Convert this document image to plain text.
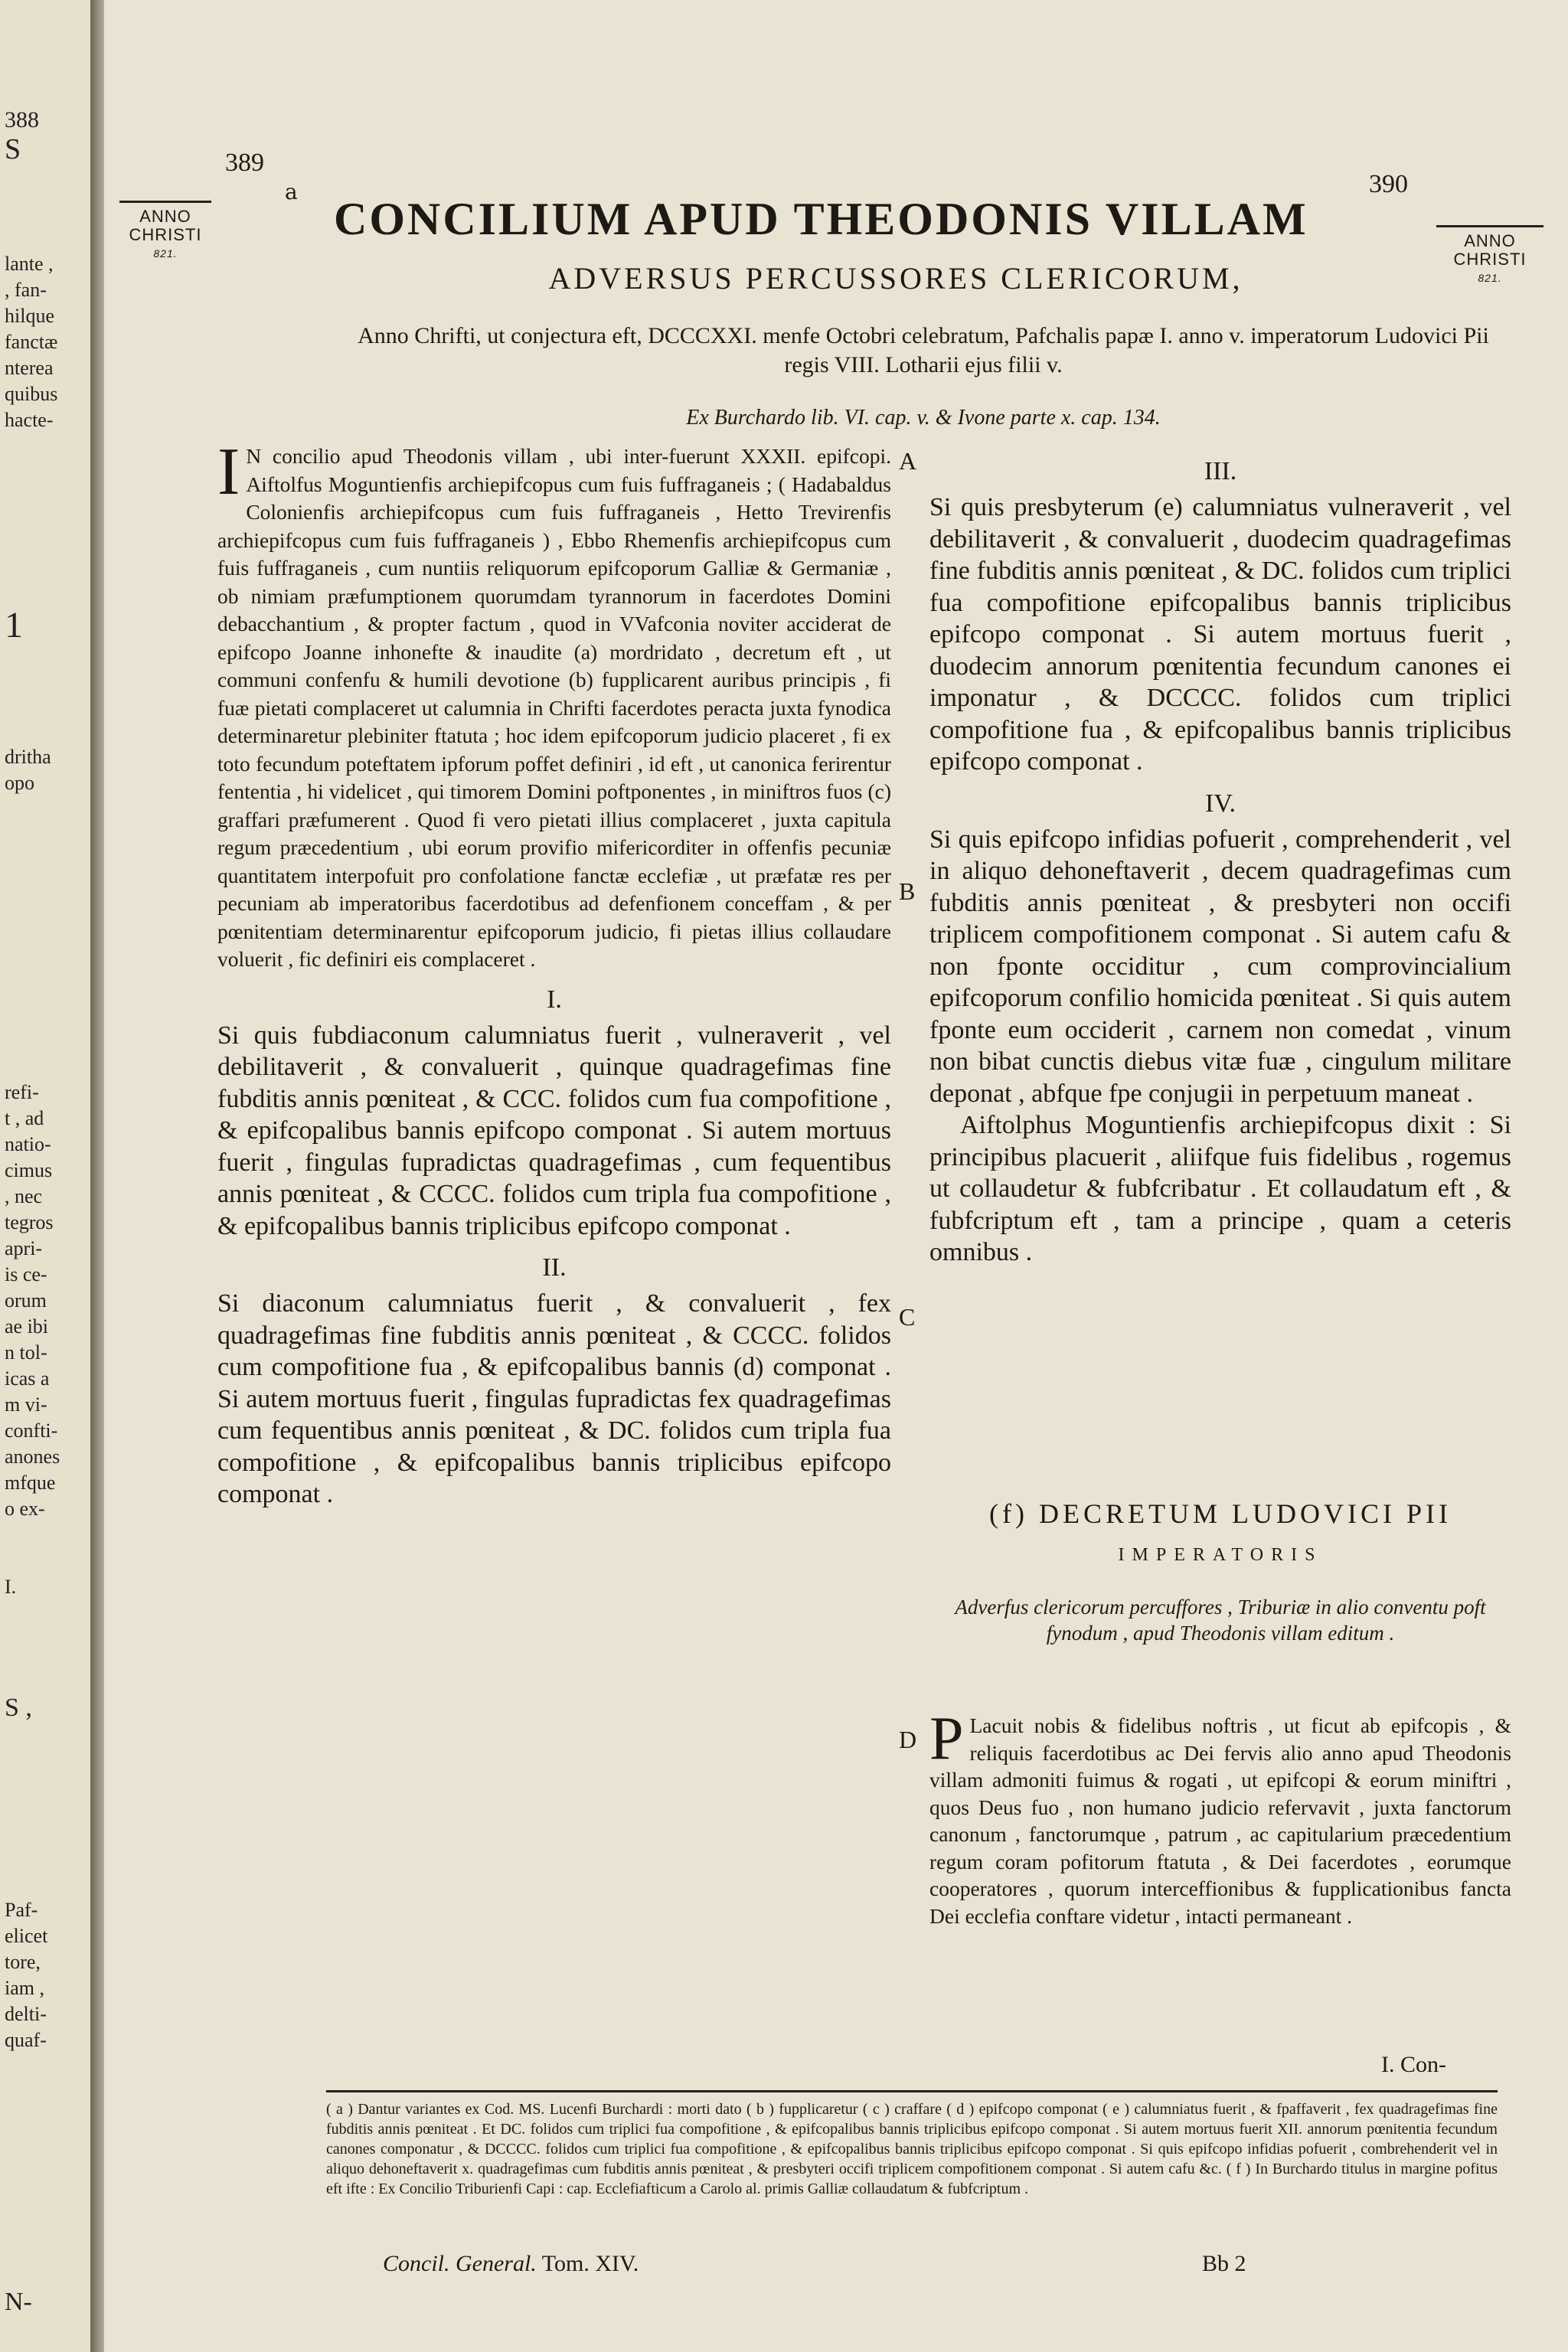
388
S
lante ,
, fan-
hilque
fanctæ
nterea
quibus
hacte-
1
dritha
opo
refi-
t , ad
natio-
cimus
, nec
tegros
apri-
is ce-
orum
ae ibi
n tol-
icas a
m vi-
confti-
anones
mfque
o ex-
I.
S ,
Paf-
elicet
tore,
iam ,
delti-
quaf-
N-
389
a	390
ANNO
CHRISTI
821.
ANNO
CHRISTI
821.
CONCILIUM APUD THEODONIS VILLAM
ADVERSUS PERCUSSORES CLERICORUM,
Anno Chrifti, ut conjectura eft, DCCCXXI. menfe Octobri celebratum, Pafchalis papæ I. anno v. imperatorum Ludovici Pii regis VIII. Lotharii ejus filii v.
Ex Burchardo lib. VI. cap. v. & Ivone parte x. cap. 134.

I N concilio apud Theodonis villam , ubi inter-fuerunt XXXII. epifcopi. Aiftolfus Moguntienfis archiepifcopus cum fuis fuffraganeis ; ( Hadabaldus Colonienfis archiepifcopus cum fuis fuffraganeis , Hetto Trevirenfis archiepifcopus cum fuis fuffraganeis ) , Ebbo Rhemenfis archiepifcopus cum fuis fuffraganeis , cum nuntiis reliquorum epifcoporum Galliæ & Germaniæ , ob nimiam præfumptionem quorumdam tyrannorum in facerdotes Domini debacchantium , & propter factum , quod in VVafconia noviter acciderat de epifcopo Joanne inhonefte & inaudite (a) mordridato , decretum eft , ut communi confenfu & humili devotione (b) fupplicarent auribus principis , fi fuæ pietati complaceret ut calumnia in Chrifti facerdotes peracta juxta fynodica determinaretur plebiniter ftatuta ; hoc idem epifcoporum judicio placeret , fi ex toto fecundum poteftatem ipforum poffet definiri , id eft , ut canonica ferirentur fententia , hi videlicet , qui timorem Domini poftponentes , in miniftros fuos (c) graffari præfumerent . Quod fi vero pietati illius complaceret , juxta capitula regum præcedentium , ubi eorum provifio mifericorditer in offenfis pecuniæ quantitatem interpofuit pro confolatione fanctæ ecclefiæ , ut præfatæ res per pecuniam ab imperatoribus facerdotibus ad defenfionem conceffam , & per pœnitentiam determinarentur epifcoporum judicio, fi pietas illius collaudare voluerit , fic definiri eis complaceret .

I.

Si quis fubdiaconum calumniatus fuerit , vulneraverit , vel debilitaverit , & convaluerit , quinque quadragefimas fine fubditis annis pœniteat , & CCC. folidos cum fua compofitione , & epifcopalibus bannis epifcopo componat . Si autem mortuus fuerit , fingulas fupradictas quadragefimas , cum fequentibus annis pœniteat , & CCCC. folidos cum tripla fua compofitione , & epifcopalibus bannis triplicibus epifcopo componat .

II.

Si diaconum calumniatus fuerit , & convaluerit , fex quadragefimas fine fubditis annis pœniteat , & CCCC. folidos cum compofitione fua , & epifcopalibus bannis (d) componat . Si autem mortuus fuerit , fingulas fupradictas fex quadragefimas cum fequentibus annis pœniteat , & DC. folidos cum tripla fua compofitione , & epifcopalibus bannis triplicibus epifcopo componat .

A
B
C
D
III.

Si quis presbyterum (e) calumniatus vulneraverit , vel debilitaverit , & convaluerit , duodecim quadragefimas fine fubditis annis pœniteat , & DC. folidos cum triplici fua compofitione epifcopalibus bannis triplicibus epifcopo componat . Si autem mortuus fuerit , duodecim annorum pœnitentia fecundum canones ei imponatur , & DCCCC. folidos cum triplici compofitione fua , & epifcopalibus bannis triplicibus epifcopo componat .

IV.

Si quis epifcopo infidias pofuerit , comprehenderit , vel in aliquo dehoneftaverit , decem quadragefimas cum fubditis annis pœniteat , & presbyteri non occifi triplicem compofitionem componat . Si autem cafu & non fponte occiditur , cum comprovincialium epifcoporum confilio homicida pœniteat . Si quis autem fponte eum occiderit , carnem non comedat , vinum non bibat cunctis diebus vitæ fuæ , cingulum militare deponat , abfque fpe conjugii in perpetuum maneat .

Aiftolphus Moguntienfis archiepifcopus dixit : Si principibus placuerit , aliifque fuis fidelibus , rogemus ut collaudetur & fubfcribatur . Et collaudatum eft , & fubfcriptum eft , tam a principe , quam a ceteris omnibus .

(f) DECRETUM LUDOVICI PII
IMPERATORIS
Adverfus clericorum percuffores , Triburiæ in alio conventu poft fynodum , apud Theodonis villam editum .

P Lacuit nobis & fidelibus noftris , ut ficut ab epifcopis , & reliquis facerdotibus ac Dei fervis alio anno apud Theodonis villam admoniti fuimus & rogati , ut epifcopi & eorum miniftri , quos Deus fuo , non humano judicio refervavit , juxta fanctorum canonum , fanctorumque , patrum , ac capitularium præcedentium regum coram pofitorum ftatuta , & Dei facerdotes , eorumque cooperatores , quorum interceffionibus & fupplicationibus fancta Dei ecclefia conftare videtur , intacti permaneant .

I. Con-
( a ) Dantur variantes ex Cod. MS. Lucenfi Burchardi : morti dato ( b ) fupplicaretur ( c ) craffare ( d ) epifcopo componat ( e ) calumniatus fuerit , & fpaffaverit , fex quadragefimas fine fubditis annis pœniteat . Et DC. folidos cum triplici fua compofitione , & epifcopalibus bannis triplicibus epifcopo componat . Si autem mortuus fuerit XII. annorum pœnitentia fecundum canones componatur , & DCCCC. folidos cum triplici fua compofitione , & epifcopalibus bannis triplicibus epifcopo componat . Si quis epifcopo infidias pofuerit , combrehenderit vel in aliquo dehoneftaverit x. quadragefimas cum fubditis annis pœniteat , & presbyteri occifi triplicem compofitionem componat . Si autem cafu &c. ( f ) In Burchardo titulus in margine pofitus eft ifte : Ex Concilio Triburienfi Capi : cap. Ecclefiafticum a Carolo al. primis Galliæ collaudatum & fubfcriptum .
Concil. General. Tom. XIV.	Bb 2
